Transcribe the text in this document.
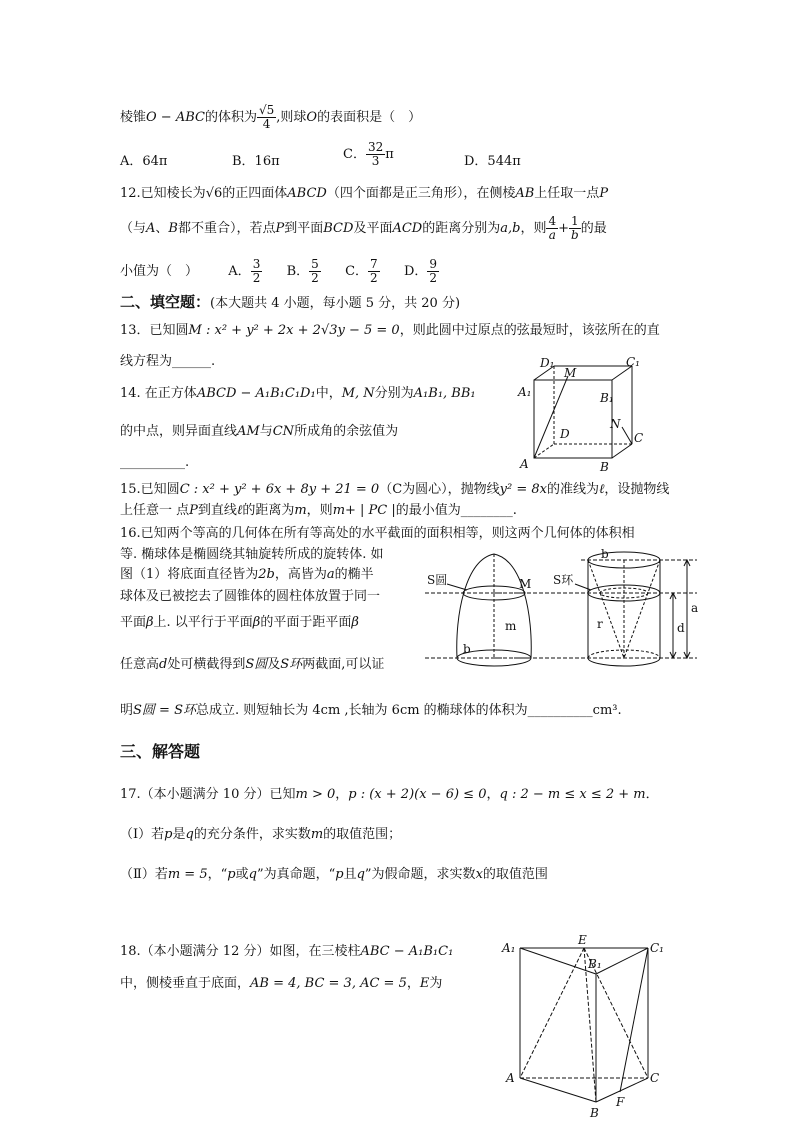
棱锥O − ABC的体积为 $\frac{√5}{4}$ ,则球O的表面积是（　）
A．64π	B．16π	C． $\frac{32}{3}$ π	D．544π
12.已知棱长为√6的正四面体ABCD（四个面都是正三角形），在侧棱AB上任取一点P
（与A、B都不重合），若点P到平面BCD及平面ACD的距离分别为a,b，则 $\frac{4}{a} + \frac{1}{b}$ 的最
小值为（　） A． $\frac{3}{2}$ B． $\frac{5}{2}$ C． $\frac{7}{2}$ D． $\frac{9}{2}$
二、填空题：(本大题共 4 小题，每小题 5 分，共 20 分)
13．已知圆M : x² + y² + 2x + 2√3y − 5 = 0，则此圆中过原点的弦最短时，该弦所在的直
线方程为______.
14. 在正方体ABCD − A₁B₁C₁D₁中，M, N分别为A₁B₁, BB₁
的中点，则异面直线AM与CN所成角的余弦值为
__________.
D₁
M
C₁
A₁	B₁
D
N
C
A	B
15.已知圆C : x² + y² + 6x + 8y + 21 = 0（C为圆心），抛物线y² = 8x的准线为ℓ，设抛物线
上任意一 点P到直线ℓ的距离为m，则m+ | PC |的最小值为________.
16.已知两个等高的几何体在所有等高处的水平截面的面积相等，则这两个几何体的体积相
等. 椭球体是椭圆绕其轴旋转所成的旋转体. 如
图（1）将底面直径皆为2b，高皆为a的椭半
球体及已被挖去了圆锥体的圆柱体放置于同一
平面β上. 以平行于平面β的平面于距平面β
任意高d处可横截得到S圆及S环两截面,可以证
明S圆 = S环总成立. 则短轴长为 4cm ,长轴为 6cm 的椭球体的体积为__________cm³.
S圆	M
m
b
S环
b
r
a
d
三、解答题
17.（本小题满分 10 分）已知m > 0，p : (x + 2)(x − 6) ≤ 0，q : 2 − m ≤ x ≤ 2 + m．
（Ⅰ）若p是q的充分条件，求实数m的取值范围；
（Ⅱ）若m = 5，“p或q”为真命题，“p且q”为假命题，求实数x的取值范围
18.（本小题满分 12 分）如图，在三棱柱ABC − A₁B₁C₁
中，侧棱垂直于底面，AB = 4, BC = 3, AC = 5，E为
A₁
E
C₁
B₁
A	C
B
F
